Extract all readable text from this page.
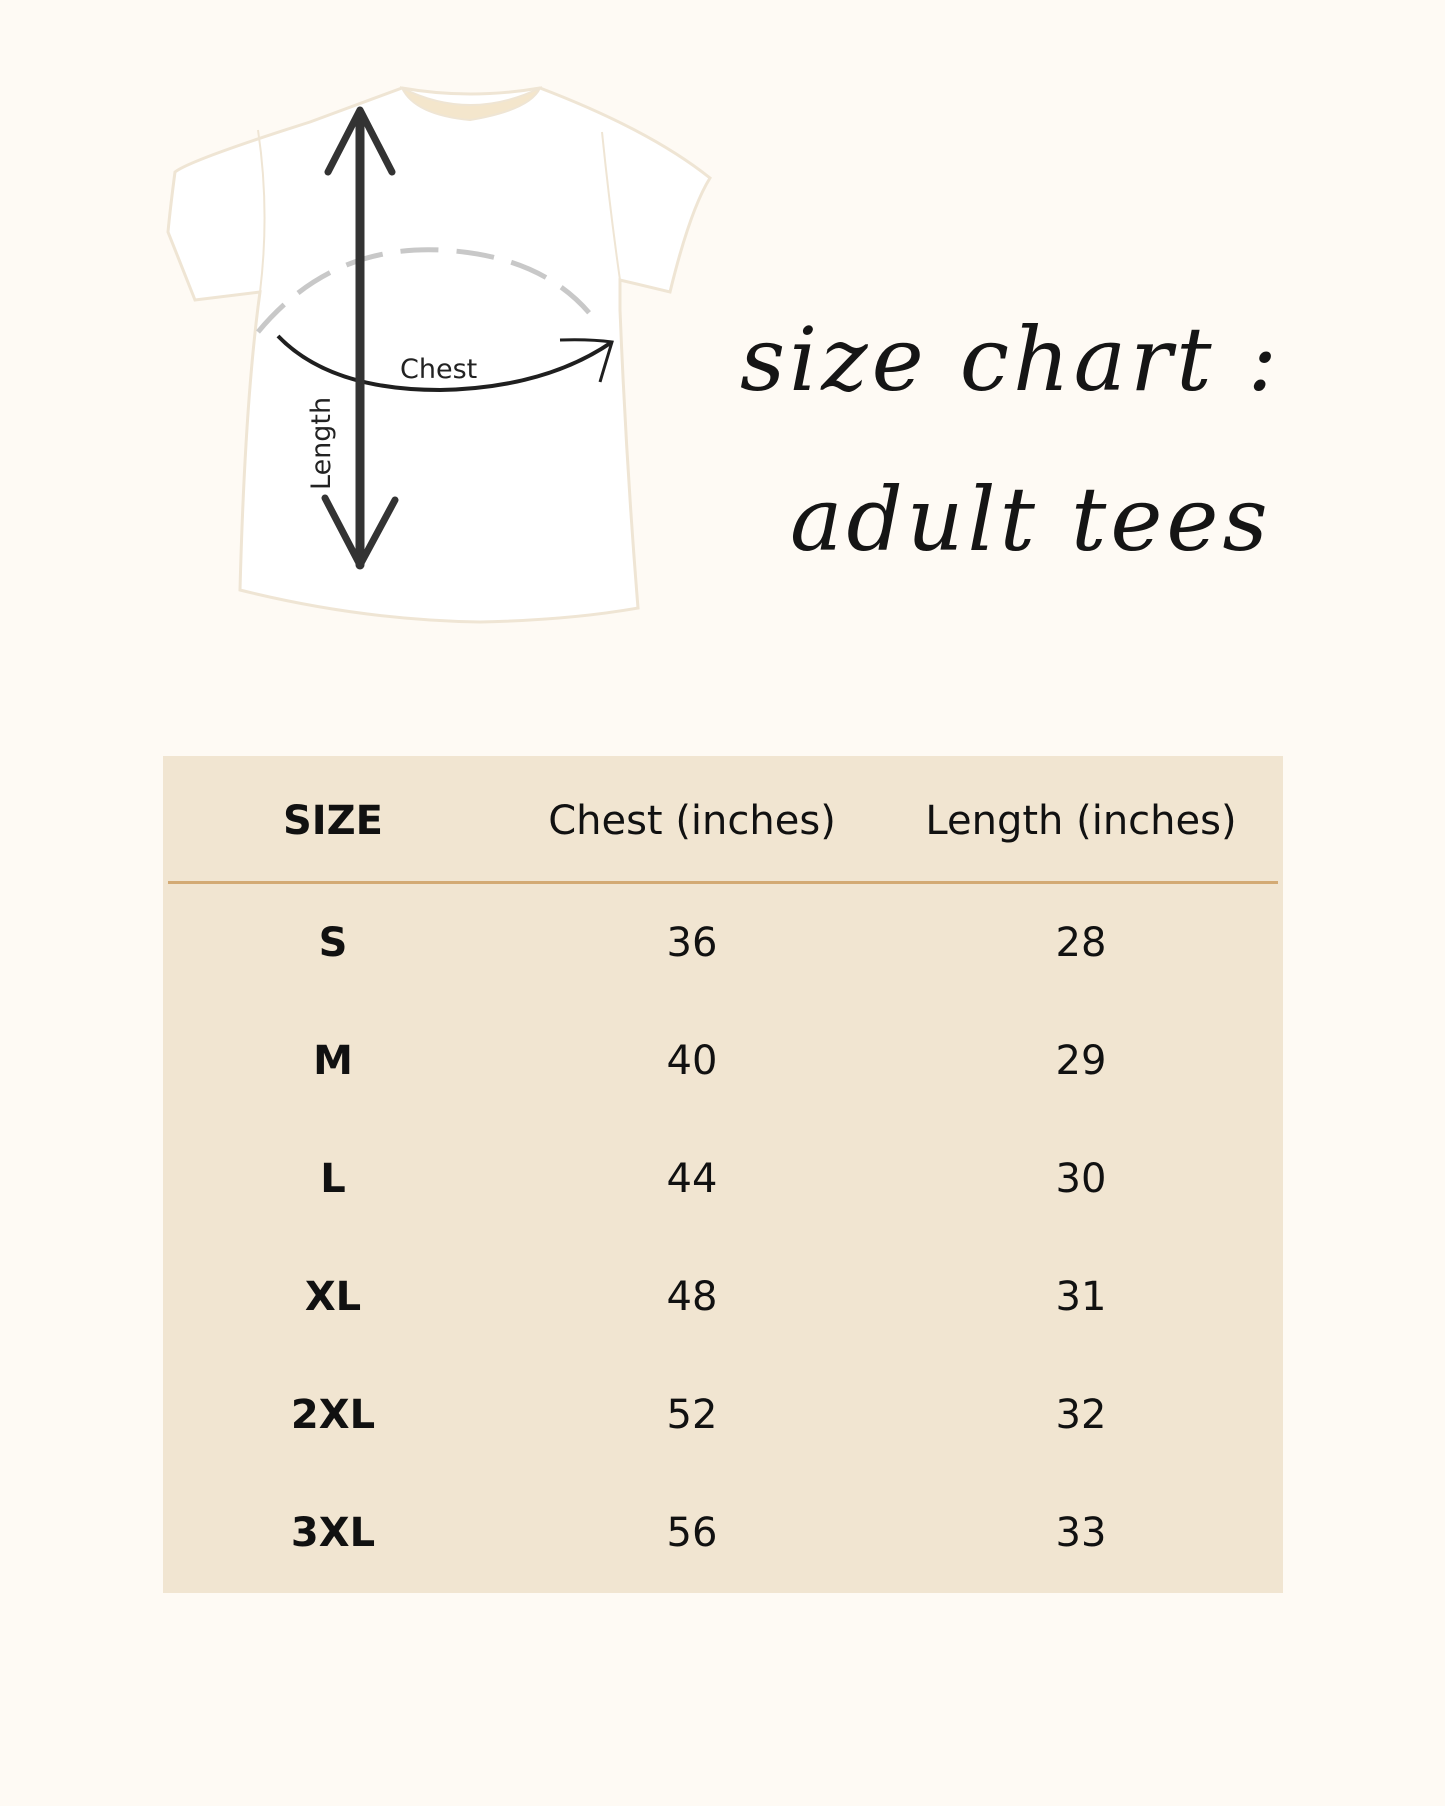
Chest
Length
size chart :
adult tees
SIZE	Chest (inches) Length (inches)
S	36	28
M	40	29
L	44	30
XL	48	31
2XL	52	32
3XL	56	33
